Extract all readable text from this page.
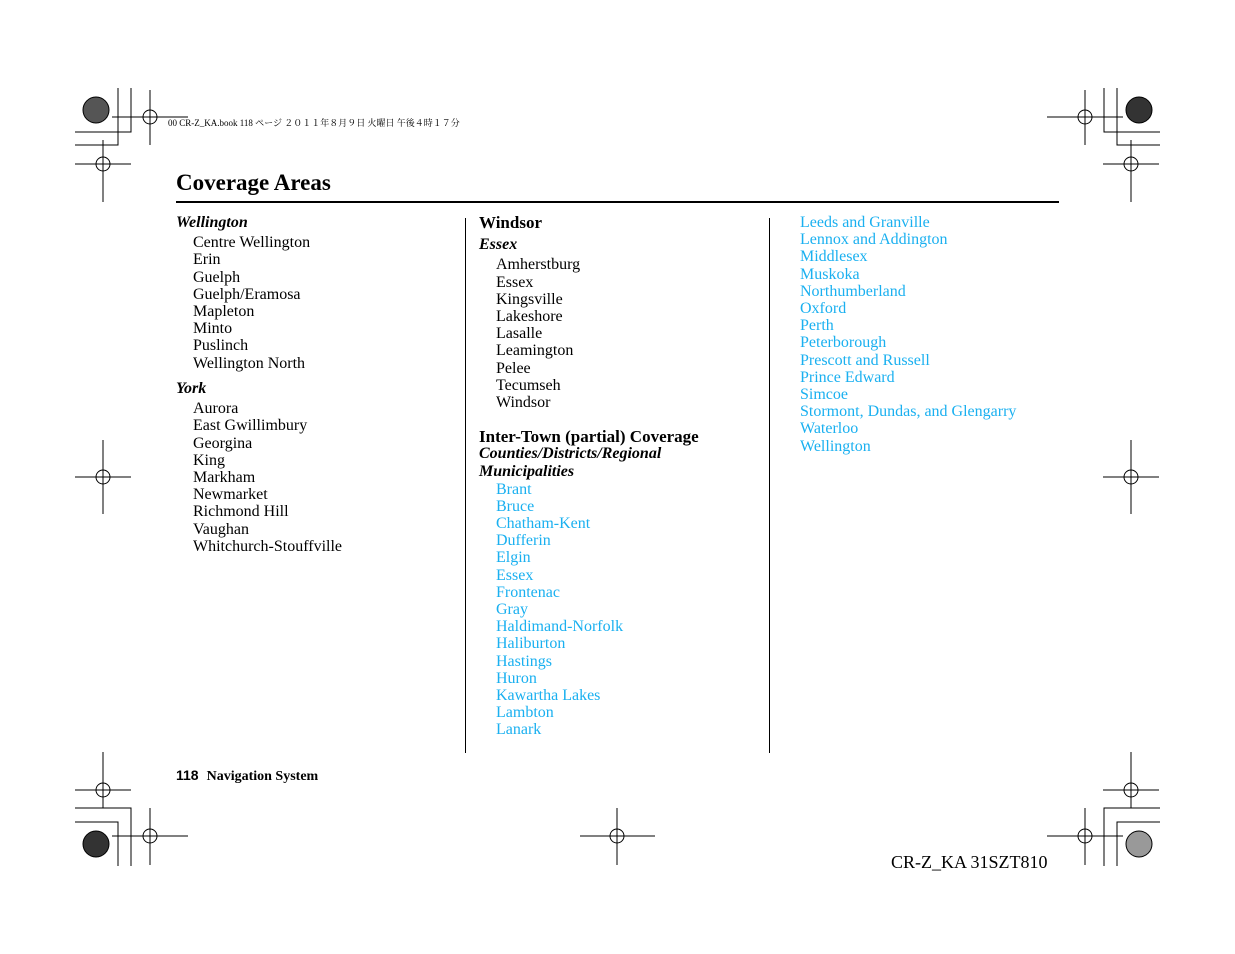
00 CR-Z_KA.book 118 ページ ２０１１年８月９日 火曜日 午後４時１７分
Coverage Areas
Wellington
Centre Wellington
Erin
Guelph
Guelph/Eramosa
Mapleton
Minto
Puslinch
Wellington North
York
Aurora
East Gwillimbury
Georgina
King
Markham
Newmarket
Richmond Hill
Vaughan
Whitchurch-Stouffville
Windsor
Essex
Amherstburg
Essex
Kingsville
Lakeshore
Lasalle
Leamington
Pelee
Tecumseh
Windsor
Inter-Town (partial) Coverage
Counties/Districts/Regional
Municipalities
Brant
Bruce
Chatham-Kent
Dufferin
Elgin
Essex
Frontenac
Gray
Haldimand-Norfolk
Haliburton
Hastings
Huron
Kawartha Lakes
Lambton
Lanark
Leeds and Granville
Lennox and Addington
Middlesex
Muskoka
Northumberland
Oxford
Perth
Peterborough
Prescott and Russell
Prince Edward
Simcoe
Stormont, Dundas, and Glengarry
Waterloo
Wellington
118 Navigation System
CR-Z_KA 31SZT810
